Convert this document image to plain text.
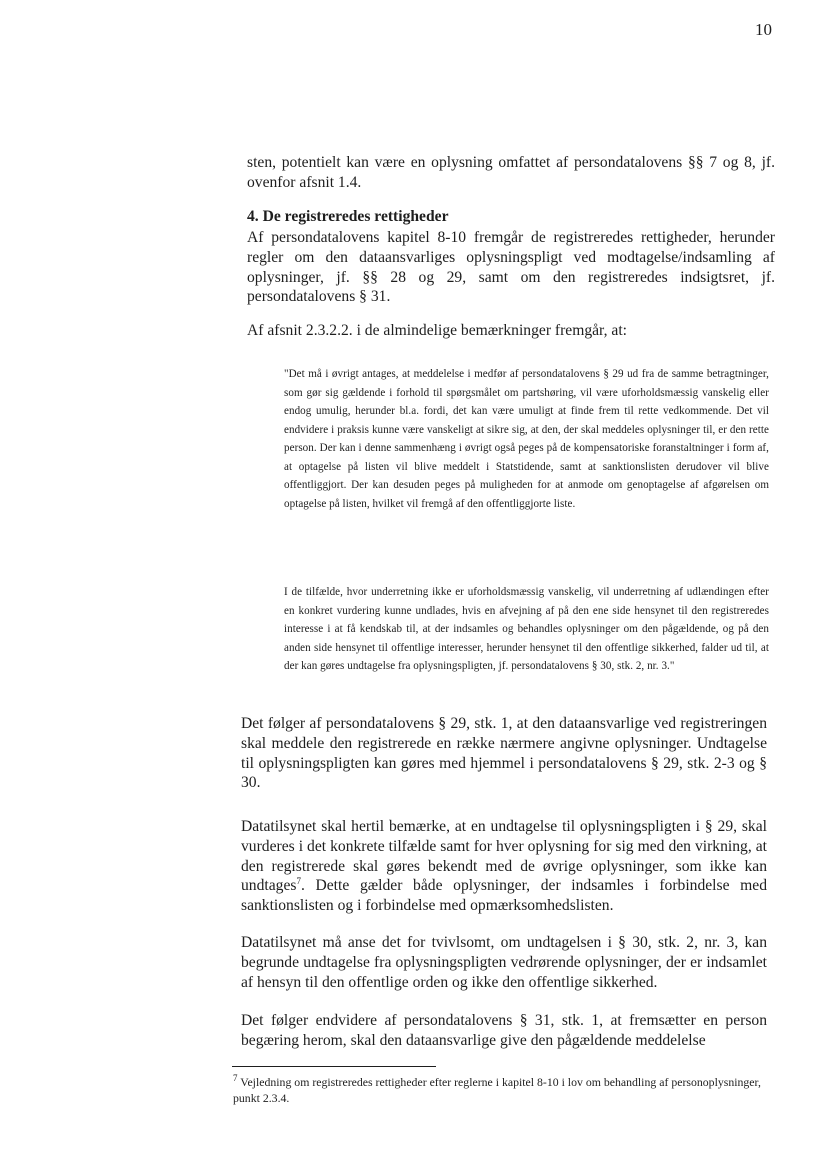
10

sten, potentielt kan være en oplysning omfattet af persondatalovens §§ 7 og 8, jf. ovenfor afsnit 1.4.

4. De registreredes rettigheder

Af persondatalovens kapitel 8-10 fremgår de registreredes rettigheder, herunder regler om den dataansvarliges oplysningspligt ved modtagelse/indsamling af oplysninger, jf. §§ 28 og 29, samt om den registreredes indsigtsret, jf. persondatalovens § 31.

Af afsnit 2.3.2.2. i de almindelige bemærkninger fremgår, at:

"Det må i øvrigt antages, at meddelelse i medfør af persondatalovens § 29 ud fra de samme betragtninger, som gør sig gældende i forhold til spørgsmålet om partshøring, vil være uforholdsmæssig vanskelig eller endog umulig, herunder bl.a. fordi, det kan være umuligt at finde frem til rette vedkommende. Det vil endvidere i praksis kunne være vanskeligt at sikre sig, at den, der skal meddeles oplysninger til, er den rette person. Der kan i denne sammenhæng i øvrigt også peges på de kompensatoriske foranstaltninger i form af, at optagelse på listen vil blive meddelt i Statstidende, samt at sanktionslisten derudover vil blive offentliggjort. Der kan desuden peges på muligheden for at anmode om genoptagelse af afgørelsen om optagelse på listen, hvilket vil fremgå af den offentliggjorte liste.

I de tilfælde, hvor underretning ikke er uforholdsmæssig vanskelig, vil underretning af udlændingen efter en konkret vurdering kunne undlades, hvis en afvejning af på den ene side hensynet til den registreredes interesse i at få kendskab til, at der indsamles og behandles oplysninger om den pågældende, og på den anden side hensynet til offentlige interesser, herunder hensynet til den offentlige sikkerhed, falder ud til, at der kan gøres undtagelse fra oplysningspligten, jf. persondatalovens § 30, stk. 2, nr. 3."

Det følger af persondatalovens § 29, stk. 1, at den dataansvarlige ved registreringen skal meddele den registrerede en række nærmere angivne oplysninger. Undtagelse til oplysningspligten kan gøres med hjemmel i persondatalovens § 29, stk. 2-3 og § 30.

Datatilsynet skal hertil bemærke, at en undtagelse til oplysningspligten i § 29, skal vurderes i det konkrete tilfælde samt for hver oplysning for sig med den virkning, at den registrerede skal gøres bekendt med de øvrige oplysninger, som ikke kan undtages$^7$. Dette gælder både oplysninger, der indsamles i forbindelse med sanktionslisten og i forbindelse med opmærksomhedslisten.

Datatilsynet må anse det for tvivlsomt, om undtagelsen i § 30, stk. 2, nr. 3, kan begrunde undtagelse fra oplysningspligten vedrørende oplysninger, der er indsamlet af hensyn til den offentlige orden og ikke den offentlige sikkerhed.

Det følger endvidere af persondatalovens § 31, stk. 1, at fremsætter en person begæring herom, skal den dataansvarlige give den pågældende meddelelse

$^7$ Vejledning om registreredes rettigheder efter reglerne i kapitel 8-10 i lov om behandling af personoplysninger, punkt 2.3.4.
